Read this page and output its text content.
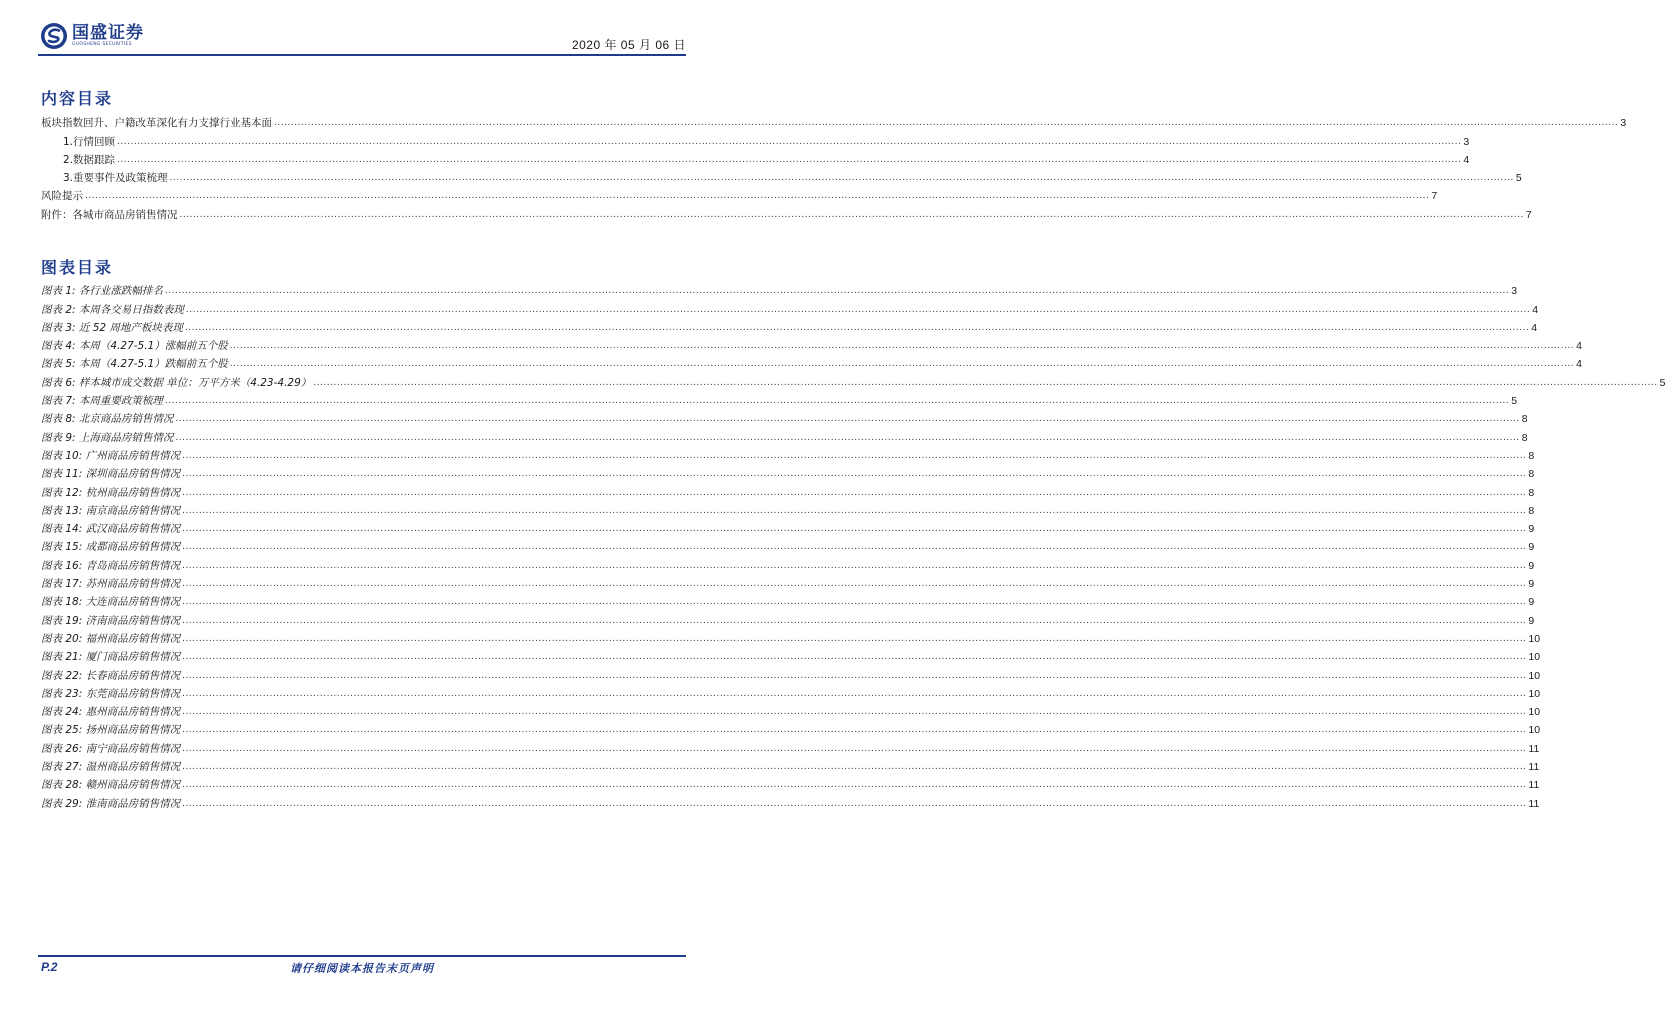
国盛证券
GUOSHENG SECURITIES	2020 年 05 月 06 日
内容目录
板块指数回升、户籍改革深化有力支撑行业基本面 ................................................................................................................................................................................................................................................................................................................................................................................................................ 3
1.行情回顾 ................................................................................................................................................................................................................................................................................................................................................................................................................ 3
2.数据跟踪 ................................................................................................................................................................................................................................................................................................................................................................................................................ 4
3.重要事件及政策梳理 ................................................................................................................................................................................................................................................................................................................................................................................................................ 5
风险提示 ................................................................................................................................................................................................................................................................................................................................................................................................................ 7
附件：各城市商品房销售情况 ................................................................................................................................................................................................................................................................................................................................................................................................................ 7
图表目录
图表 1: 各行业涨跌幅排名 ................................................................................................................................................................................................................................................................................................................................................................................................................ 3
图表 2: 本周各交易日指数表现 ................................................................................................................................................................................................................................................................................................................................................................................................................ 4
图表 3: 近 52 周地产板块表现 ................................................................................................................................................................................................................................................................................................................................................................................................................ 4
图表 4: 本周（4.27-5.1）涨幅前五个股 ................................................................................................................................................................................................................................................................................................................................................................................................................ 4
图表 5: 本周（4.27-5.1）跌幅前五个股 ................................................................................................................................................................................................................................................................................................................................................................................................................ 4
图表 6: 样本城市成交数据 单位：万平方米（4.23-4.29） ................................................................................................................................................................................................................................................................................................................................................................................................................ 5
图表 7: 本周重要政策梳理 ................................................................................................................................................................................................................................................................................................................................................................................................................ 5
图表 8: 北京商品房销售情况 ................................................................................................................................................................................................................................................................................................................................................................................................................ 8
图表 9: 上海商品房销售情况 ................................................................................................................................................................................................................................................................................................................................................................................................................ 8
图表 10: 广州商品房销售情况 ................................................................................................................................................................................................................................................................................................................................................................................................................ 8
图表 11: 深圳商品房销售情况 ................................................................................................................................................................................................................................................................................................................................................................................................................ 8
图表 12: 杭州商品房销售情况 ................................................................................................................................................................................................................................................................................................................................................................................................................ 8
图表 13: 南京商品房销售情况 ................................................................................................................................................................................................................................................................................................................................................................................................................ 8
图表 14: 武汉商品房销售情况 ................................................................................................................................................................................................................................................................................................................................................................................................................ 9
图表 15: 成都商品房销售情况 ................................................................................................................................................................................................................................................................................................................................................................................................................ 9
图表 16: 青岛商品房销售情况 ................................................................................................................................................................................................................................................................................................................................................................................................................ 9
图表 17: 苏州商品房销售情况 ................................................................................................................................................................................................................................................................................................................................................................................................................ 9
图表 18: 大连商品房销售情况 ................................................................................................................................................................................................................................................................................................................................................................................................................ 9
图表 19: 济南商品房销售情况 ................................................................................................................................................................................................................................................................................................................................................................................................................ 9
图表 20: 福州商品房销售情况 ................................................................................................................................................................................................................................................................................................................................................................................................................ 10
图表 21: 厦门商品房销售情况 ................................................................................................................................................................................................................................................................................................................................................................................................................ 10
图表 22: 长春商品房销售情况 ................................................................................................................................................................................................................................................................................................................................................................................................................ 10
图表 23: 东莞商品房销售情况 ................................................................................................................................................................................................................................................................................................................................................................................................................ 10
图表 24: 惠州商品房销售情况 ................................................................................................................................................................................................................................................................................................................................................................................................................ 10
图表 25: 扬州商品房销售情况 ................................................................................................................................................................................................................................................................................................................................................................................................................ 10
图表 26: 南宁商品房销售情况 ................................................................................................................................................................................................................................................................................................................................................................................................................ 11
图表 27: 温州商品房销售情况 ................................................................................................................................................................................................................................................................................................................................................................................................................ 11
图表 28: 赣州商品房销售情况 ................................................................................................................................................................................................................................................................................................................................................................................................................ 11
图表 29: 淮南商品房销售情况 ................................................................................................................................................................................................................................................................................................................................................................................................................ 11
P.2	请仔细阅读本报告末页声明
